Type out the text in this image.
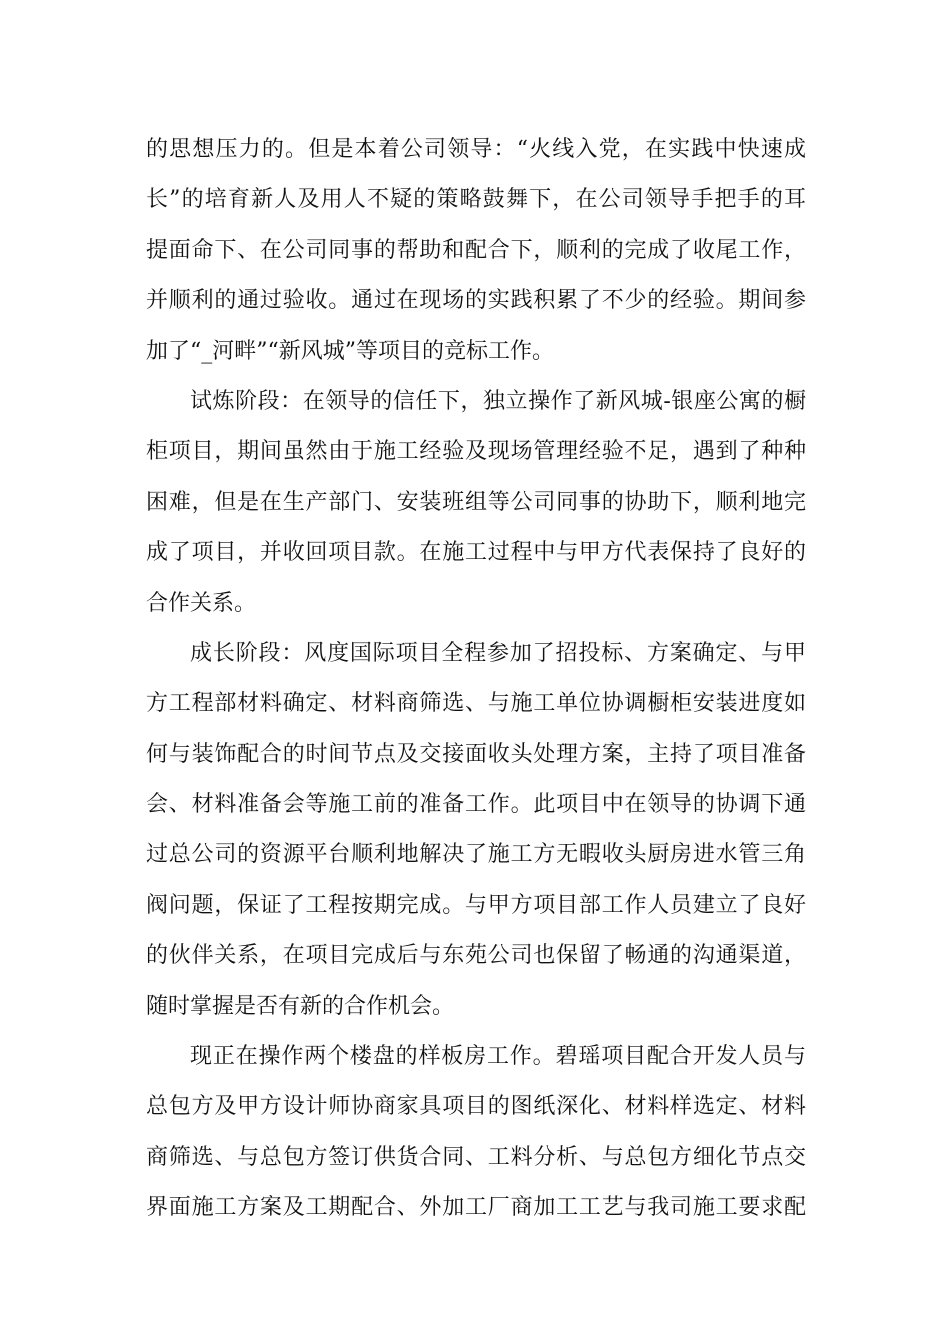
的思想压力的。但是本着公司领导：“火线入党，在实践中快速成
长”的培育新人及用人不疑的策略鼓舞下，在公司领导手把手的耳
提面命下、在公司同事的帮助和配合下，顺利的完成了收尾工作，
并顺利的通过验收。通过在现场的实践积累了不少的经验。期间参
加了“_河畔”“新风城”等项目的竞标工作。
试炼阶段：在领导的信任下，独立操作了新风城-银座公寓的橱
柜项目，期间虽然由于施工经验及现场管理经验不足，遇到了种种
困难，但是在生产部门、安装班组等公司同事的协助下，顺利地完
成了项目，并收回项目款。在施工过程中与甲方代表保持了良好的
合作关系。
成长阶段：风度国际项目全程参加了招投标、方案确定、与甲
方工程部材料确定、材料商筛选、与施工单位协调橱柜安装进度如
何与装饰配合的时间节点及交接面收头处理方案，主持了项目准备
会、材料准备会等施工前的准备工作。此项目中在领导的协调下通
过总公司的资源平台顺利地解决了施工方无暇收头厨房进水管三角
阀问题，保证了工程按期完成。与甲方项目部工作人员建立了良好
的伙伴关系，在项目完成后与东苑公司也保留了畅通的沟通渠道，
随时掌握是否有新的合作机会。
现正在操作两个楼盘的样板房工作。碧瑶项目配合开发人员与
总包方及甲方设计师协商家具项目的图纸深化、材料样选定、材料
商筛选、与总包方签订供货合同、工料分析、与总包方细化节点交
界面施工方案及工期配合、外加工厂商加工工艺与我司施工要求配
